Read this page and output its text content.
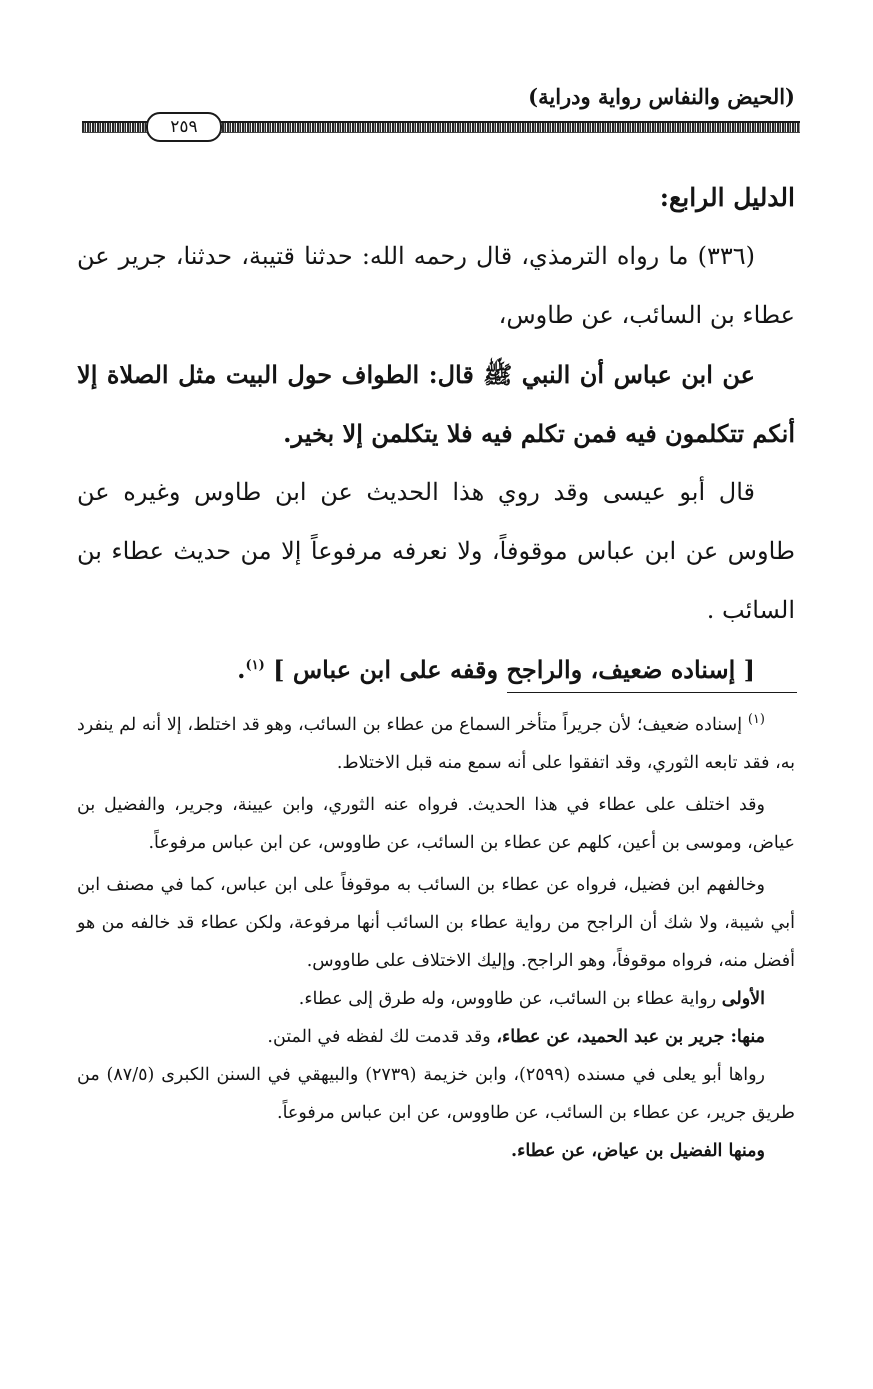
(الحيض والنفاس رواية ودراية)
٢٥٩

الدليل الرابع:

(٣٣٦) ما رواه الترمذي، قال رحمه الله: حدثنا قتيبة، حدثنا، جرير عن عطاء بن السائب، عن طاوس،

عن ابن عباس أن النبي ﷺ قال: الطواف حول البيت مثل الصلاة إلا أنكم تتكلمون فيه فمن تكلم فيه فلا يتكلمن إلا بخير.

قال أبو عيسى وقد روي هذا الحديث عن ابن طاوس وغيره عن طاوس عن ابن عباس موقوفاً، ولا نعرفه مرفوعاً إلا من حديث عطاء بن السائب .

[ إسناده ضعيف، والراجح وقفه على ابن عباس ] $^{(١)}$.

$^{(١)}$ إسناده ضعيف؛ لأن جريراً متأخر السماع من عطاء بن السائب، وهو قد اختلط، إلا أنه لم ينفرد به، فقد تابعه الثوري، وقد اتفقوا على أنه سمع منه قبل الاختلاط.

وقد اختلف على عطاء في هذا الحديث. فرواه عنه الثوري، وابن عيينة، وجرير، والفضيل بن عياض، وموسى بن أعين، كلهم عن عطاء بن السائب، عن طاووس، عن ابن عباس مرفوعاً.

وخالفهم ابن فضيل، فرواه عن عطاء بن السائب به موقوفاً على ابن عباس، كما في مصنف ابن أبي شيبة، ولا شك أن الراجح من رواية عطاء بن السائب أنها مرفوعة، ولكن عطاء قد خالفه من هو أفضل منه، فرواه موقوفاً، وهو الراجح. وإليك الاختلاف على طاووس.

الأولى رواية عطاء بن السائب، عن طاووس، وله طرق إلى عطاء.

منها: جرير بن عبد الحميد، عن عطاء، وقد قدمت لك لفظه في المتن.

رواها أبو يعلى في مسنده (٢٥٩٩)، وابن خزيمة (٢٧٣٩) والبيهقي في السنن الكبرى (٨٧/٥) من طريق جرير، عن عطاء بن السائب، عن طاووس، عن ابن عباس مرفوعاً.

ومنها الفضيل بن عياض، عن عطاء.
